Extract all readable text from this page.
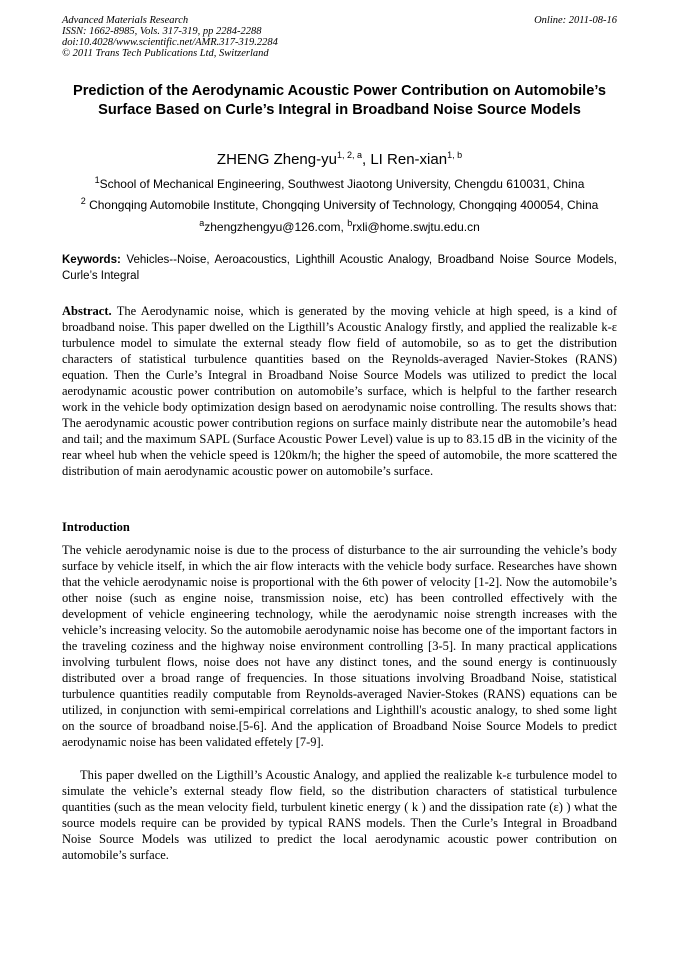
Advanced Materials Research
ISSN: 1662-8985, Vols. 317-319, pp 2284-2288
doi:10.4028/www.scientific.net/AMR.317-319.2284
© 2011 Trans Tech Publications Ltd, Switzerland
Online: 2011-08-16
Prediction of the Aerodynamic Acoustic Power Contribution on Automobile’s Surface Based on Curle’s Integral in Broadband Noise Source Models
ZHENG Zheng-yu$^{1, 2, a}$, LI Ren-xian$^{1, b}$
$^1$School of Mechanical Engineering, Southwest Jiaotong University, Chengdu 610031, China
$^2$ Chongqing Automobile Institute, Chongqing University of Technology, Chongqing 400054, China
$^a$zhengzhengyu@126.com, $^b$rxli@home.swjtu.edu.cn
Keywords: Vehicles--Noise, Aeroacoustics, Lighthill Acoustic Analogy, Broadband Noise Source Models, Curle’s Integral
Abstract. The Aerodynamic noise, which is generated by the moving vehicle at high speed, is a kind of broadband noise. This paper dwelled on the Ligthill’s Acoustic Analogy firstly, and applied the realizable k-ε turbulence model to simulate the external steady flow field of automobile, so as to get the distribution characters of statistical turbulence quantities based on the Reynolds-averaged Navier-Stokes (RANS) equation. Then the Curle’s Integral in Broadband Noise Source Models was utilized to predict the local aerodynamic acoustic power contribution on automobile’s surface, which is helpful to the farther research work in the vehicle body optimization design based on aerodynamic noise controlling. The results shows that: The aerodynamic acoustic power contribution regions on surface mainly distribute near the automobile’s head and tail; and the maximum SAPL (Surface Acoustic Power Level) value is up to 83.15 dB in the vicinity of the rear wheel hub when the vehicle speed is 120km/h; the higher the speed of automobile, the more scattered the distribution of main aerodynamic acoustic power on automobile’s surface.
Introduction
The vehicle aerodynamic noise is due to the process of disturbance to the air surrounding the vehicle’s body surface by vehicle itself, in which the air flow interacts with the vehicle body surface. Researches have shown that the vehicle aerodynamic noise is proportional with the 6th power of velocity [1-2]. Now the automobile’s other noise (such as engine noise, transmission noise, etc) has been controlled effectively with the development of vehicle engineering technology, while the aerodynamic noise strength increases with the vehicle’s increasing velocity. So the automobile aerodynamic noise has become one of the important factors in the traveling coziness and the highway noise environment controlling [3-5]. In many practical applications involving turbulent flows, noise does not have any distinct tones, and the sound energy is continuously distributed over a broad range of frequencies. In those situations involving Broadband Noise, statistical turbulence quantities readily computable from Reynolds-averaged Navier-Stokes (RANS) equations can be utilized, in conjunction with semi-empirical correlations and Lighthill's acoustic analogy, to shed some light on the source of broadband noise.[5-6]. And the application of Broadband Noise Source Models to predict aerodynamic noise has been validated effetely [7-9].
This paper dwelled on the Ligthill’s Acoustic Analogy, and applied the realizable k-ε turbulence model to simulate the vehicle’s external steady flow field, so the distribution characters of statistical turbulence quantities (such as the mean velocity field, turbulent kinetic energy ( k ) and the dissipation rate (ε) ) what the source models require can be provided by typical RANS models. Then the Curle’s Integral in Broadband Noise Source Models was utilized to predict the local aerodynamic acoustic power contribution on automobile’s surface.
